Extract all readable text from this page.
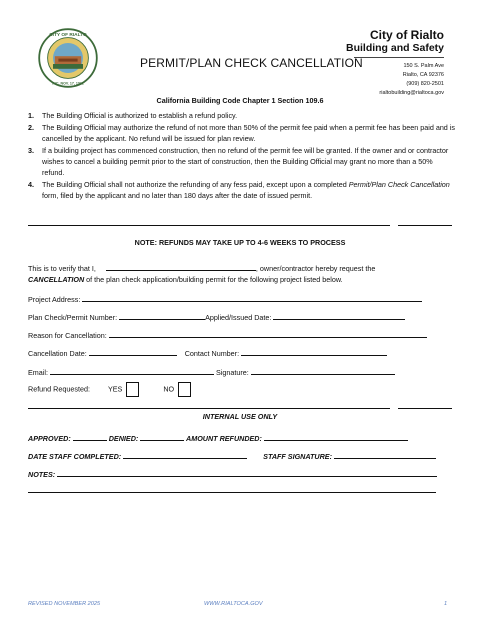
CITY OF RIALTO
INC. NOV. 17, 1911
PERMIT/PLAN CHECK CANCELLATION
City of Rialto
Building and Safety
150 S. Palm Ave
Rialto, CA 92376
(909) 820-2501
rialtobuilding@rialtoca.gov
California Building Code Chapter 1 Section 109.6
1. The Building Official is authorized to establish a refund policy.
2. The Building Official may authorize the refund of not more than 50% of the permit fee paid when a permit fee has been paid and is cancelled by the applicant. No refund will be issued for plan review.
3. If a building project has commenced construction, then no refund of the permit fee will be granted. If the owner and or contractor wishes to cancel a building permit prior to the start of construction, then the Building Official may grant no more than a 50% refund.
4. The Building Official shall not authorize the refunding of any fess paid, except upon a completed Permit/Plan Check Cancellation form, filed by the applicant and no later than 180 days after the date of issued permit.
NOTE: REFUNDS MAY TAKE UP TO 4-6 WEEKS TO PROCESS
This is to verify that I,	, owner/contractor hereby request the
CANCELLATION of the plan check application/building permit for the following project listed below.
Project Address:
Plan Check/Permit Number:	Applied/Issued Date:
Reason for Cancellation:
Cancellation Date:	Contact Number:
Email:	Signature:
Refund Requested:	YES	NO
INTERNAL USE ONLY
APPROVED:	DENIED:	AMOUNT REFUNDED:
DATE STAFF COMPLETED:	STAFF SIGNATURE:
NOTES:
REVISED NOVEMBER 2025	WWW.RIALTOCA.GOV	1
